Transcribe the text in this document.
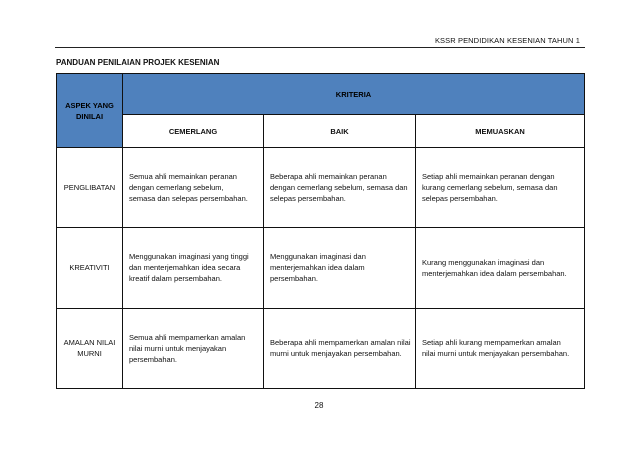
KSSR PENDIDIKAN KESENIAN TAHUN 1
PANDUAN PENILAIAN PROJEK KESENIAN
ASPEK YANG DINILAI	KRITERIA		
	CEMERLANG	BAIK	MEMUASKAN
PENGLIBATAN	Semua ahli memainkan peranan dengan cemerlang sebelum, semasa dan selepas persembahan.	Beberapa ahli memainkan peranan dengan cemerlang sebelum, semasa dan selepas persembahan.	Setiap ahli memainkan peranan dengan kurang cemerlang sebelum, semasa dan selepas persembahan.

KREATIVITI	Menggunakan imaginasi yang tinggi dan menterjemahkan idea secara kreatif dalam persembahan.	Menggunakan imaginasi dan menterjemahkan idea dalam persembahan.	Kurang menggunakan imaginasi dan menterjemahkan idea dalam persembahan.

AMALAN NILAI MURNI	Semua ahli mempamerkan amalan nilai murni untuk menjayakan persembahan.	Beberapa ahli mempamerkan amalan nilai murni untuk menjayakan persembahan.	Setiap ahli kurang mempamerkan amalan nilai murni untuk menjayakan persembahan.
28
